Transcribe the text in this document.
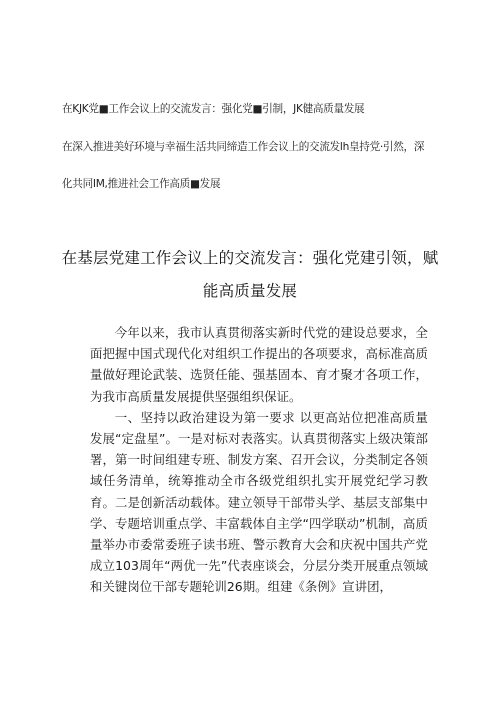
在KJK党■工作会议上的交流发言：强化党■引制，JK健高质量发展
在深入推进美好环境与幸福生活共同缔造工作会议上的交流发lh皇持党·引然，深
化共同IM,推进社会工作高质■发展
在基层党建工作会议上的交流发言：强化党建引领，赋
能高质量发展

今年以来，我市认真贯彻落实新时代党的建设总要求，全面把握中国式现代化对组织工作提出的各项要求，高标准高质量做好理论武装、选贤任能、强基固本、育才聚才各项工作，为我市高质量发展提供坚强组织保证。

一、坚持以政治建设为第一要求 以更高站位把准高质量发展“定盘星”。一是对标对表落实。认真贯彻落实上级决策部署，第一时间组建专班、制发方案、召开会议，分类制定各领域任务清单，统筹推动全市各级党组织扎实开展党纪学习教育。二是创新活动载体。建立领导干部带头学、基层支部集中学、专题培训重点学、丰富载体自主学“四学联动”机制，高质量举办市委常委班子读书班、警示教育大会和庆祝中国共产党成立103周年“两优一先”代表座谈会，分层分类开展重点领域和关键岗位干部专题轮训26期。组建《条例》宣讲团，
